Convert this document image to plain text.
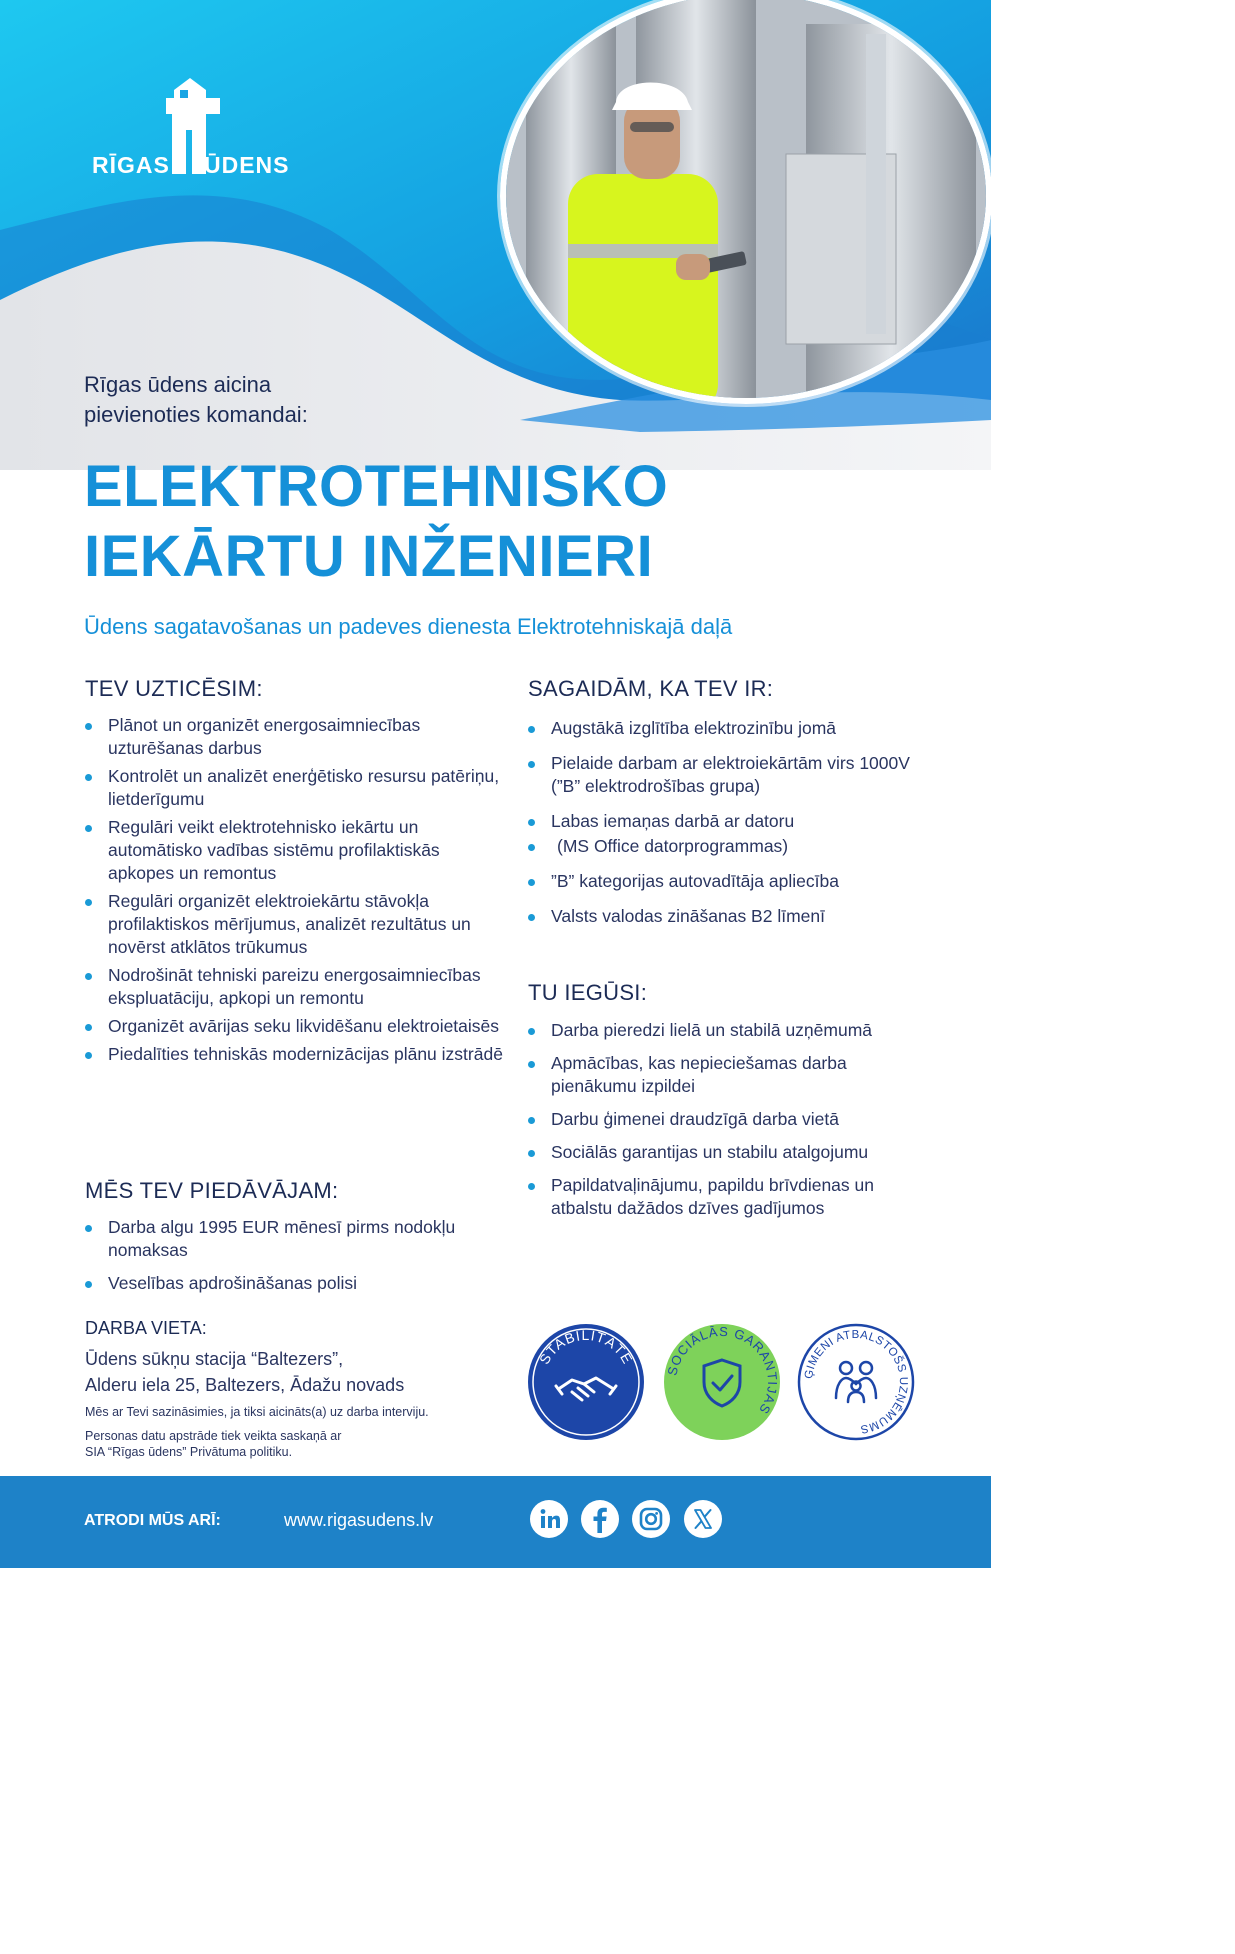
RĪGAS ŪDENS
Rīgas ūdens aicina
pievienoties komandai:
ELEKTROTEHNISKO
IEKĀRTU INŽENIERI
Ūdens sagatavošanas un padeves dienesta Elektrotehniskajā daļā
TEV UZTICĒSIM:
Plānot un organizēt energosaimniecības uzturēšanas darbus
Kontrolēt un analizēt enerģētisko resursu patēriņu, lietderīgumu
Regulāri veikt elektrotehnisko iekārtu un automātisko vadības sistēmu profilaktiskās apkopes un remontus
Regulāri organizēt elektroiekārtu stāvokļa profilaktiskos mērījumus, analizēt rezultātus un novērst atklātos trūkumus
Nodrošināt tehniski pareizu energosaimniecības ekspluatāciju, apkopi un remontu
Organizēt avārijas seku likvidēšanu elektroietaisēs
Piedalīties tehniskās modernizācijas plānu izstrādē
MĒS TEV PIEDĀVĀJAM:
Darba algu 1995 EUR mēnesī pirms nodokļu nomaksas
Veselības apdrošināšanas polisi
DARBA VIETA:
Ūdens sūkņu stacija “Baltezers”,
Alderu iela 25, Baltezers, Ādažu novads
Mēs ar Tevi sazināsimies, ja tiksi aicināts(a) uz darba interviju.
Personas datu apstrāde tiek veikta saskaņā ar
SIA “Rīgas ūdens” Privātuma politiku.
SAGAIDĀM, KA TEV IR:
Augstākā izglītība elektrozinību jomā
Pielaide darbam ar elektroiekārtām virs 1000V (”B” elektrodrošības grupa)
Labas iemaņas darbā ar datoru
(MS Office datorprogrammas)
”B” kategorijas autovadītāja apliecība
Valsts valodas zināšanas B2 līmenī
TU IEGŪSI:
Darba pieredzi lielā un stabilā uzņēmumā
Apmācības, kas nepieciešamas darba pienākumu izpildei
Darbu ģimenei draudzīgā darba vietā
Sociālās garantijas un stabilu atalgojumu
Papildatvaļinājumu, papildu brīvdienas un atbalstu dažādos dzīves gadījumos
STABILITĀTE
SOCIĀLĀS GARANTIJAS
ĢIMENI ATBALSTOŠS UZŅĒMUMS
ATRODI MŪS ARĪ:	www.rigasudens.lv
